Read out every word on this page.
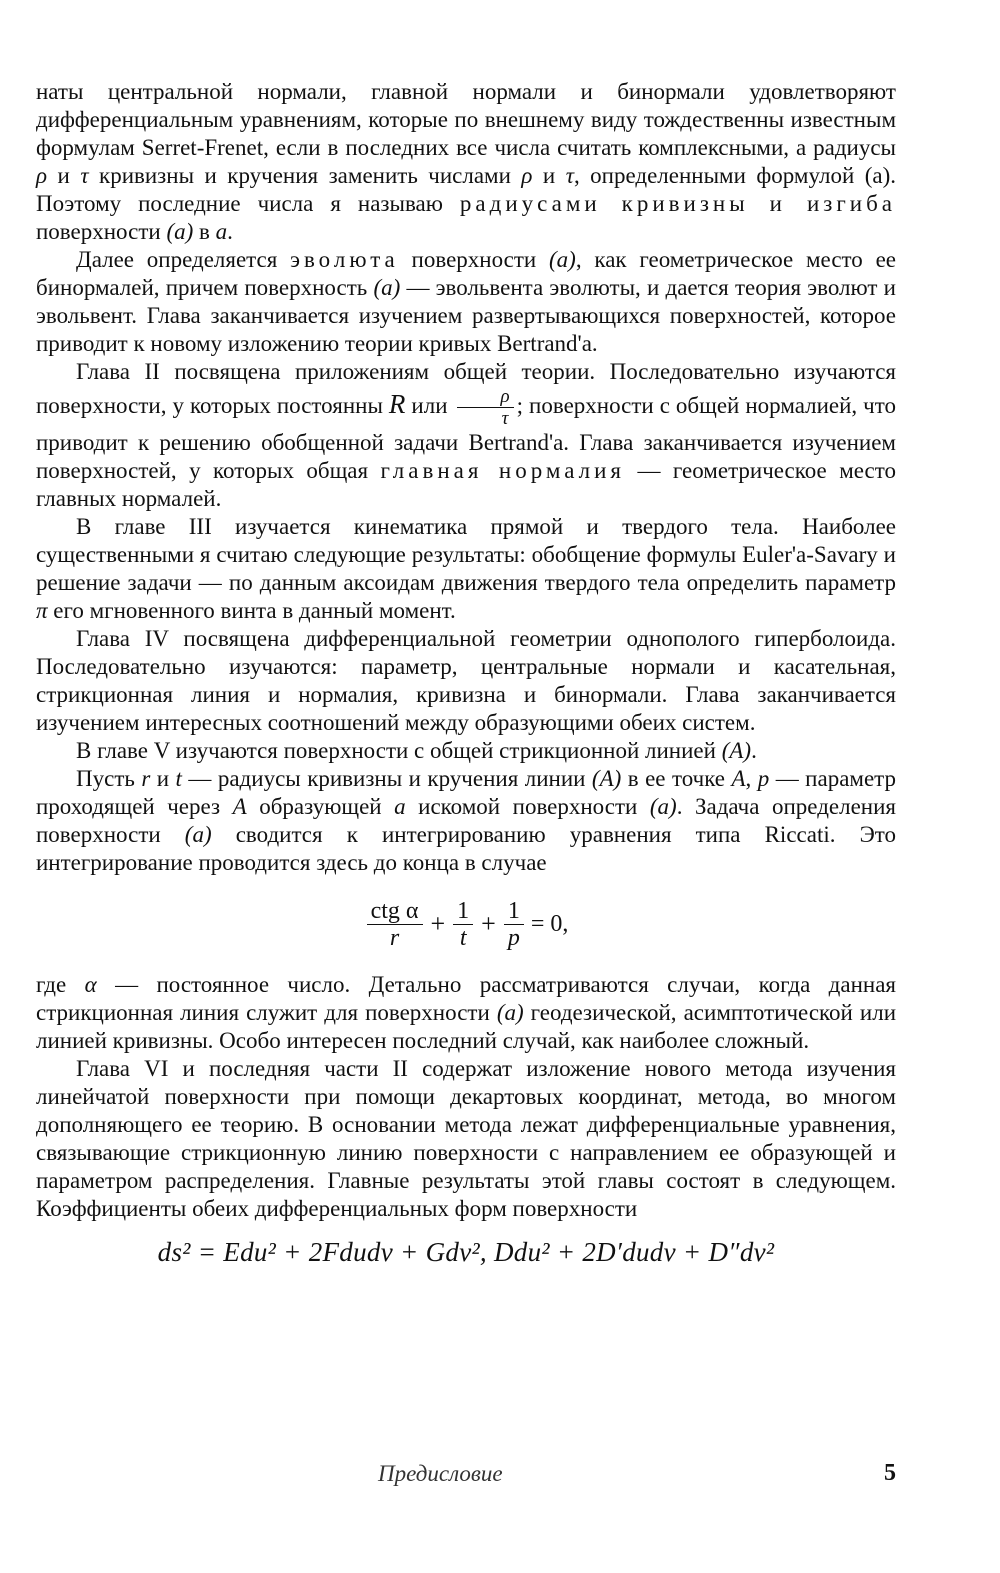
наты центральной нормали, главной нормали и бинормали удовлетворяют дифференциальным уравнениям, которые по внешнему виду тождественны известным формулам Serret-Frenet, если в последних все числа считать комплексными, а радиусы ρ и τ кривизны и кручения заменить числами ρ и τ, определенными формулой (а). Поэтому последние числа я называю радиусами кривизны и изгиба поверхности (a) в a.

Далее определяется эволюта поверхности (a), как геометрическое место ее бинормалей, причем поверхность (a) — эвольвента эволюты, и дается теория эволют и эвольвент. Глава заканчивается изучением развертывающихся поверхностей, которое приводит к новому изложению теории кривых Bertrand'a.

Глава II посвящена приложениям общей теории. Последовательно изучаются поверхности, у которых постоянны R или $\frac{\rho}{\tau}$ ; поверхности с общей нормалией, что приводит к решению обобщенной задачи Bertrand'a. Глава заканчивается изучением поверхностей, у которых общая главная нормалия — геометрическое место главных нормалей.

В главе III изучается кинематика прямой и твердого тела. Наиболее существенными я считаю следующие результаты: обобщение формулы Euler'a-Savary и решение задачи — по данным аксоидам движения твердого тела определить параметр π его мгновенного винта в данный момент.

Глава IV посвящена дифференциальной геометрии однополого гиперболоида. Последовательно изучаются: параметр, центральные нормали и касательная, стрикционная линия и нормалия, кривизна и бинормали. Глава заканчивается изучением интересных соотношений между образующими обеих систем.

В главе V изучаются поверхности с общей стрикционной линией (A).

Пусть r и t — радиусы кривизны и кручения линии (A) в ее точке A, p — параметр проходящей через A образующей a искомой поверхности (a). Задача определения поверхности (a) сводится к интегрированию уравнения типа Riccati. Это интегрирование проводится здесь до конца в случае

$\frac{\text{ctg α}}{r} + \frac{1}{t} + \frac{1}{p} = 0$,

где α — постоянное число. Детально рассматриваются случаи, когда данная стрикционная линия служит для поверхности (a) геодезической, асимптотической или линией кривизны. Особо интересен последний случай, как наиболее сложный.

Глава VI и последняя части II содержат изложение нового метода изучения линейчатой поверхности при помощи декартовых координат, метода, во многом дополняющего ее теорию. В основании метода лежат дифференциальные уравнения, связывающие стрикционную линию поверхности с направлением ее образующей и параметром распределения. Главные результаты этой главы состоят в следующем. Коэффициенты обеих дифференциальных форм поверхности

ds² = Edu² + 2Fdudv + Gdv², Ddu² + 2D′dudv + D″dv²
Предисловие	5
